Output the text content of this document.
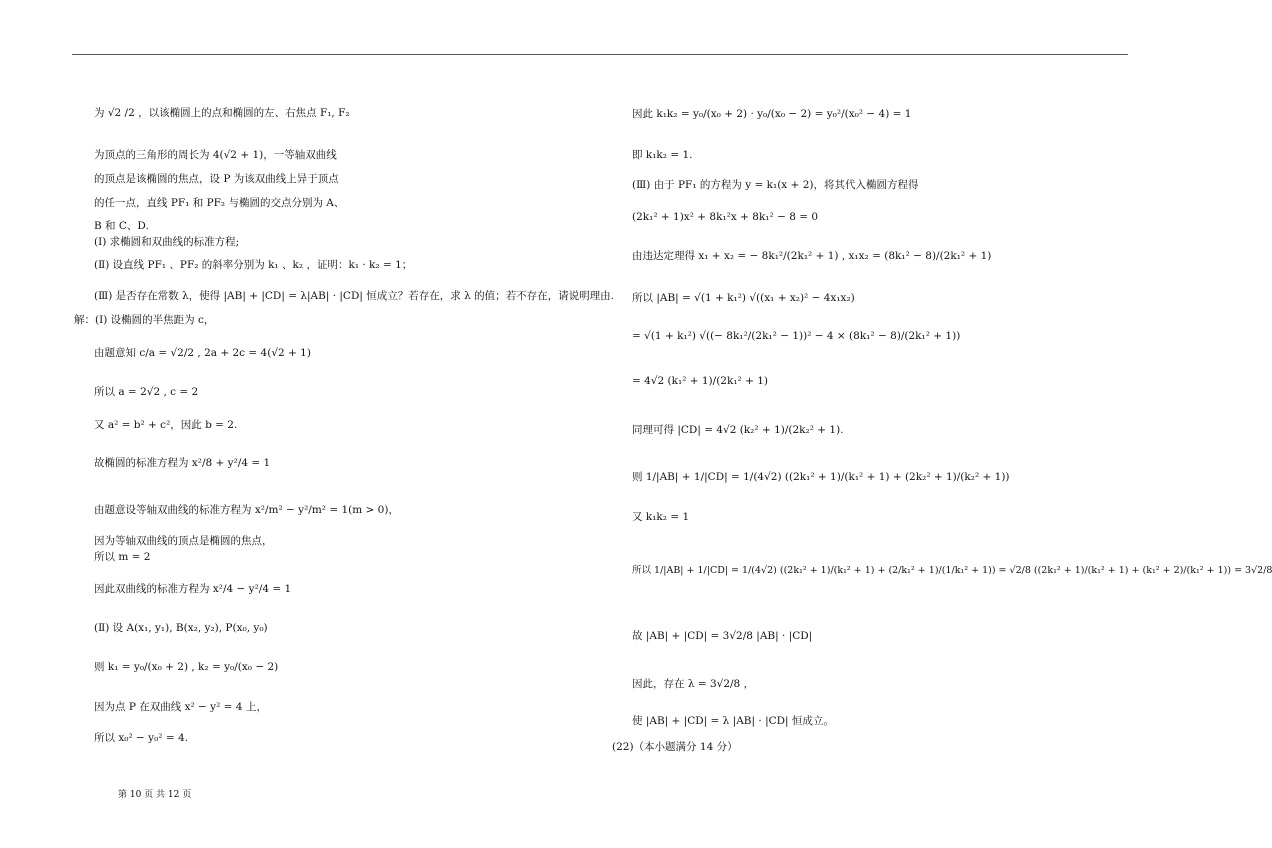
为 √2 /2 ，以该椭圆上的点和椭圆的左、右焦点 F₁, F₂
为顶点的三角形的周长为 4(√2 + 1)，一等轴双曲线
的顶点是该椭圆的焦点，设 P 为该双曲线上异于顶点
的任一点，直线 PF₁ 和 PF₂ 与椭圆的交点分别为 A、
B 和 C、D.
(Ⅰ) 求椭圆和双曲线的标准方程;
(Ⅱ) 设直线 PF₁ 、PF₂ 的斜率分别为 k₁ 、k₂ ，证明：k₁ · k₂ = 1；
(Ⅲ) 是否存在常数 λ，使得 |AB| + |CD| = λ|AB| · |CD| 恒成立？若存在，求 λ 的值；若不存在，请说明理由.
解：(Ⅰ) 设椭圆的半焦距为 c，
由题意知 c/a = √2/2 , 2a + 2c = 4(√2 + 1)
所以 a = 2√2 , c = 2
又 a² = b² + c²，因此 b = 2.
故椭圆的标准方程为 x²/8 + y²/4 = 1
由题意设等轴双曲线的标准方程为 x²/m² − y²/m² = 1(m > 0)，
因为等轴双曲线的顶点是椭圆的焦点，
所以 m = 2
因此双曲线的标准方程为 x²/4 − y²/4 = 1
(Ⅱ) 设 A(x₁, y₁), B(x₂, y₂), P(x₀, y₀)
则 k₁ = y₀/(x₀ + 2) , k₂ = y₀/(x₀ − 2)
因为点 P 在双曲线 x² − y² = 4 上，
所以 x₀² − y₀² = 4.
因此 k₁k₂ = y₀/(x₀ + 2) · y₀/(x₀ − 2) = y₀²/(x₀² − 4) = 1
即 k₁k₂ = 1.
(Ⅲ) 由于 PF₁ 的方程为 y = k₁(x + 2)，将其代入椭圆方程得
(2k₁² + 1)x² + 8k₁²x + 8k₁² − 8 = 0
由违达定理得 x₁ + x₂ = − 8k₁²/(2k₁² + 1) , x₁x₂ = (8k₁² − 8)/(2k₁² + 1)
所以 |AB| = √(1 + k₁²) √((x₁ + x₂)² − 4x₁x₂)
= √(1 + k₁²) √((− 8k₁²/(2k₁² − 1))² − 4 × (8k₁² − 8)/(2k₁² + 1))
= 4√2 (k₁² + 1)/(2k₁² + 1)
同理可得 |CD| = 4√2 (k₂² + 1)/(2k₂² + 1).
则 1/|AB| + 1/|CD| = 1/(4√2) ((2k₁² + 1)/(k₁² + 1) + (2k₂² + 1)/(k₂² + 1))
又 k₁k₂ = 1
所以 1/|AB| + 1/|CD| = 1/(4√2) ((2k₁² + 1)/(k₁² + 1) + (2/k₁² + 1)/(1/k₁² + 1)) = √2/8 ((2k₁² + 1)/(k₁² + 1) + (k₁² + 2)/(k₁² + 1)) = 3√2/8
故 |AB| + |CD| = 3√2/8 |AB| · |CD|
因此，存在 λ = 3√2/8 ，
使 |AB| + |CD| = λ |AB| · |CD| 恒成立。
(22)（本小题满分 14 分）
第 10 页 共 12 页
